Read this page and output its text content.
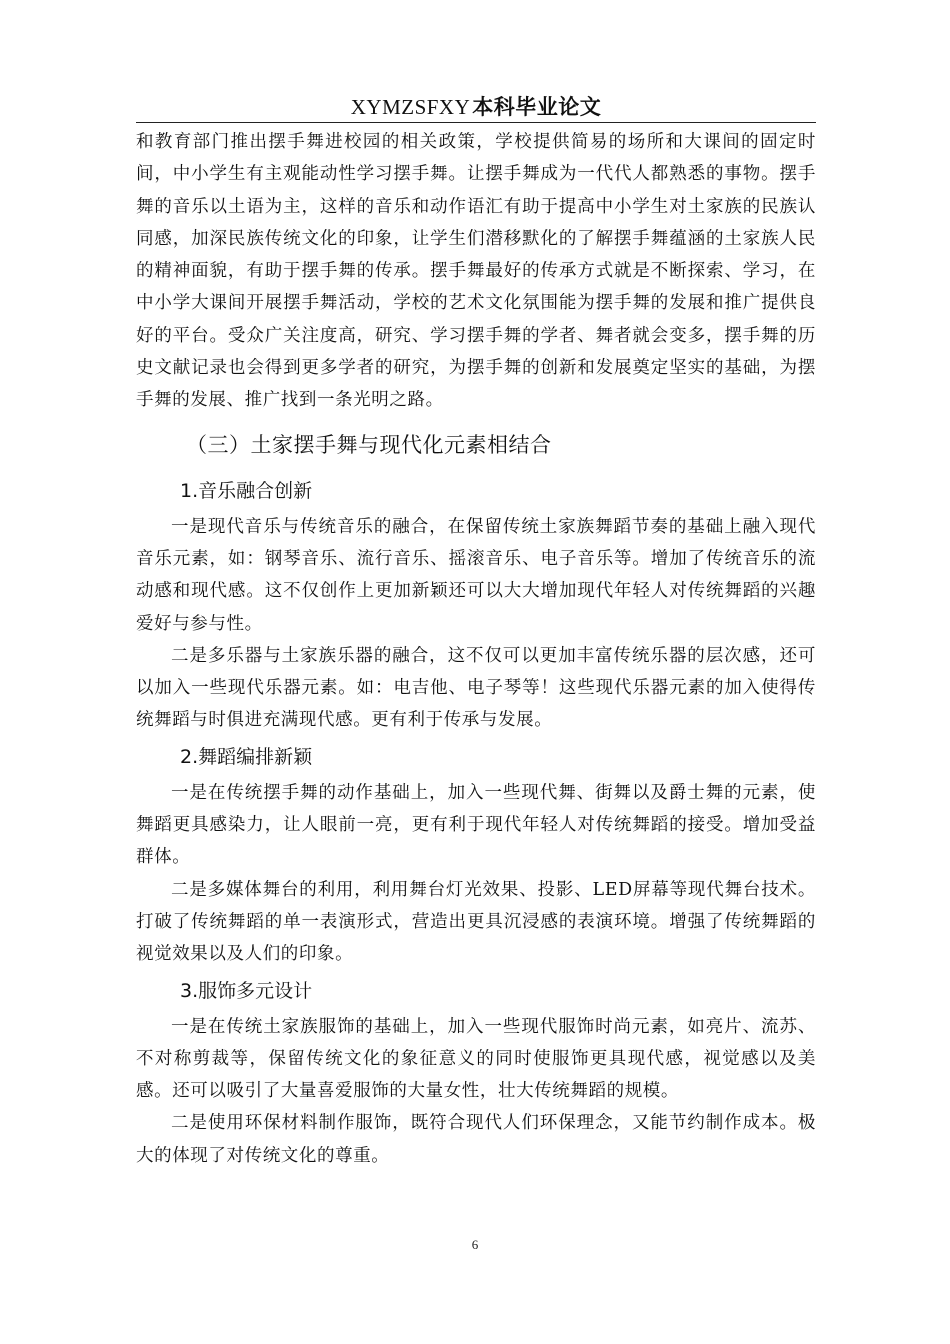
XYMZSFXY本科毕业论文

和教育部门推出摆手舞进校园的相关政策，学校提供简易的场所和大课间的固定时间，中小学生有主观能动性学习摆手舞。让摆手舞成为一代代人都熟悉的事物。摆手舞的音乐以土语为主，这样的音乐和动作语汇有助于提高中小学生对土家族的民族认同感，加深民族传统文化的印象，让学生们潜移默化的了解摆手舞蕴涵的土家族人民的精神面貌，有助于摆手舞的传承。摆手舞最好的传承方式就是不断探索、学习，在中小学大课间开展摆手舞活动，学校的艺术文化氛围能为摆手舞的发展和推广提供良好的平台。受众广关注度高，研究、学习摆手舞的学者、舞者就会变多，摆手舞的历史文献记录也会得到更多学者的研究，为摆手舞的创新和发展奠定坚实的基础，为摆手舞的发展、推广找到一条光明之路。

（三）土家摆手舞与现代化元素相结合
1.音乐融合创新

一是现代音乐与传统音乐的融合，在保留传统土家族舞蹈节奏的基础上融入现代音乐元素，如：钢琴音乐、流行音乐、摇滚音乐、电子音乐等。增加了传统音乐的流动感和现代感。这不仅创作上更加新颖还可以大大增加现代年轻人对传统舞蹈的兴趣爱好与参与性。

二是多乐器与土家族乐器的融合，这不仅可以更加丰富传统乐器的层次感，还可以加入一些现代乐器元素。如：电吉他、电子琴等！这些现代乐器元素的加入使得传统舞蹈与时俱进充满现代感。更有利于传承与发展。

2.舞蹈编排新颖

一是在传统摆手舞的动作基础上，加入一些现代舞、街舞以及爵士舞的元素，使舞蹈更具感染力，让人眼前一亮，更有利于现代年轻人对传统舞蹈的接受。增加受益群体。

二是多媒体舞台的利用，利用舞台灯光效果、投影、LED屏幕等现代舞台技术。打破了传统舞蹈的单一表演形式，营造出更具沉浸感的表演环境。增强了传统舞蹈的视觉效果以及人们的印象。

3.服饰多元设计

一是在传统土家族服饰的基础上，加入一些现代服饰时尚元素，如亮片、流苏、不对称剪裁等，保留传统文化的象征意义的同时使服饰更具现代感，视觉感以及美感。还可以吸引了大量喜爱服饰的大量女性，壮大传统舞蹈的规模。

二是使用环保材料制作服饰，既符合现代人们环保理念，又能节约制作成本。极大的体现了对传统文化的尊重。

6
